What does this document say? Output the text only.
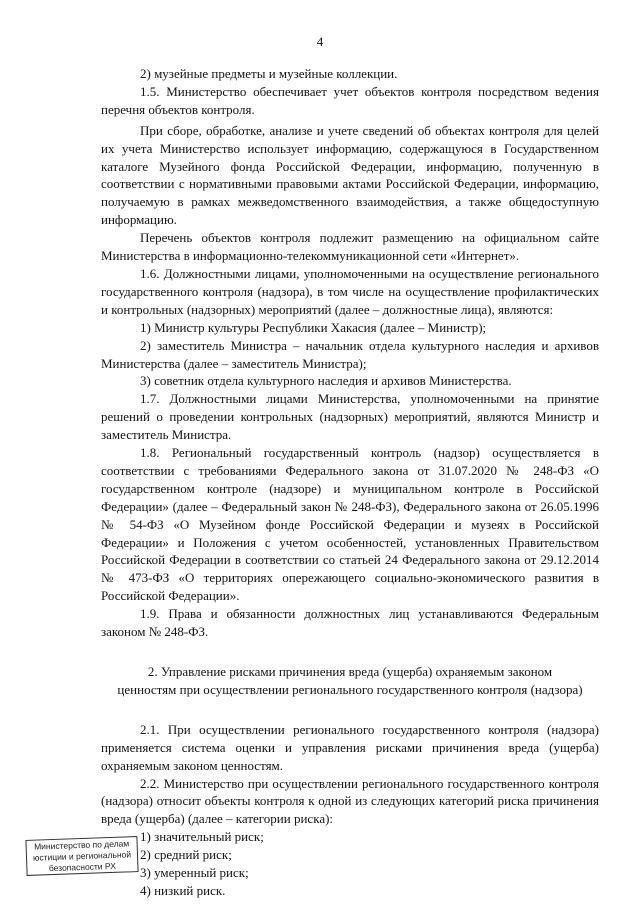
4

2) музейные предметы и музейные коллекции.

1.5. Министерство обеспечивает учет объектов контроля посредством ведения перечня объектов контроля.

При сборе, обработке, анализе и учете сведений об объектах контроля для целей их учета Министерство использует информацию, содержащуюся в Государственном каталоге Музейного фонда Российской Федерации, информацию, полученную в соответствии с нормативными правовыми актами Российской Федерации, информацию, получаемую в рамках межведомственного взаимодействия, а также общедоступную информацию.

Перечень объектов контроля подлежит размещению на официальном сайте Министерства в информационно-телекоммуникационной сети «Интернет».

1.6. Должностными лицами, уполномоченными на осуществление регионального государственного контроля (надзора), в том числе на осуществление профилактических и контрольных (надзорных) мероприятий (далее – должностные лица), являются:

1) Министр культуры Республики Хакасия (далее – Министр);

2) заместитель Министра – начальник отдела культурного наследия и архивов Министерства (далее – заместитель Министра);

3) советник отдела культурного наследия и архивов Министерства.

1.7. Должностными лицами Министерства, уполномоченными на принятие решений о проведении контрольных (надзорных) мероприятий, являются Министр и заместитель Министра.

1.8. Региональный государственный контроль (надзор) осуществляется в соответствии с требованиями Федерального закона от 31.07.2020 № 248-ФЗ «О государственном контроле (надзоре) и муниципальном контроле в Российской Федерации» (далее – Федеральный закон № 248-ФЗ), Федерального закона от 26.05.1996 № 54-ФЗ «О Музейном фонде Российской Федерации и музеях в Российской Федерации» и Положения с учетом особенностей, установленных Правительством Российской Федерации в соответствии со статьей 24 Федерального закона от 29.12.2014 № 473-ФЗ «О территориях опережающего социально-экономического развития в Российской Федерации».

1.9. Права и обязанности должностных лиц устанавливаются Федеральным законом № 248-ФЗ.

2. Управление рисками причинения вреда (ущерба) охраняемым законом

ценностям при осуществлении регионального государственного контроля (надзора)

2.1. При осуществлении регионального государственного контроля (надзора) применяется система оценки и управления рисками причинения вреда (ущерба) охраняемым законом ценностям.

2.2. Министерство при осуществлении регионального государственного контроля (надзора) относит объекты контроля к одной из следующих категорий риска причинения вреда (ущерба) (далее – категории риска):

1) значительный риск;

2) средний риск;

3) умеренный риск;

4) низкий риск.

Министерство по делам
юстиции и региональной
безопасности РХ
